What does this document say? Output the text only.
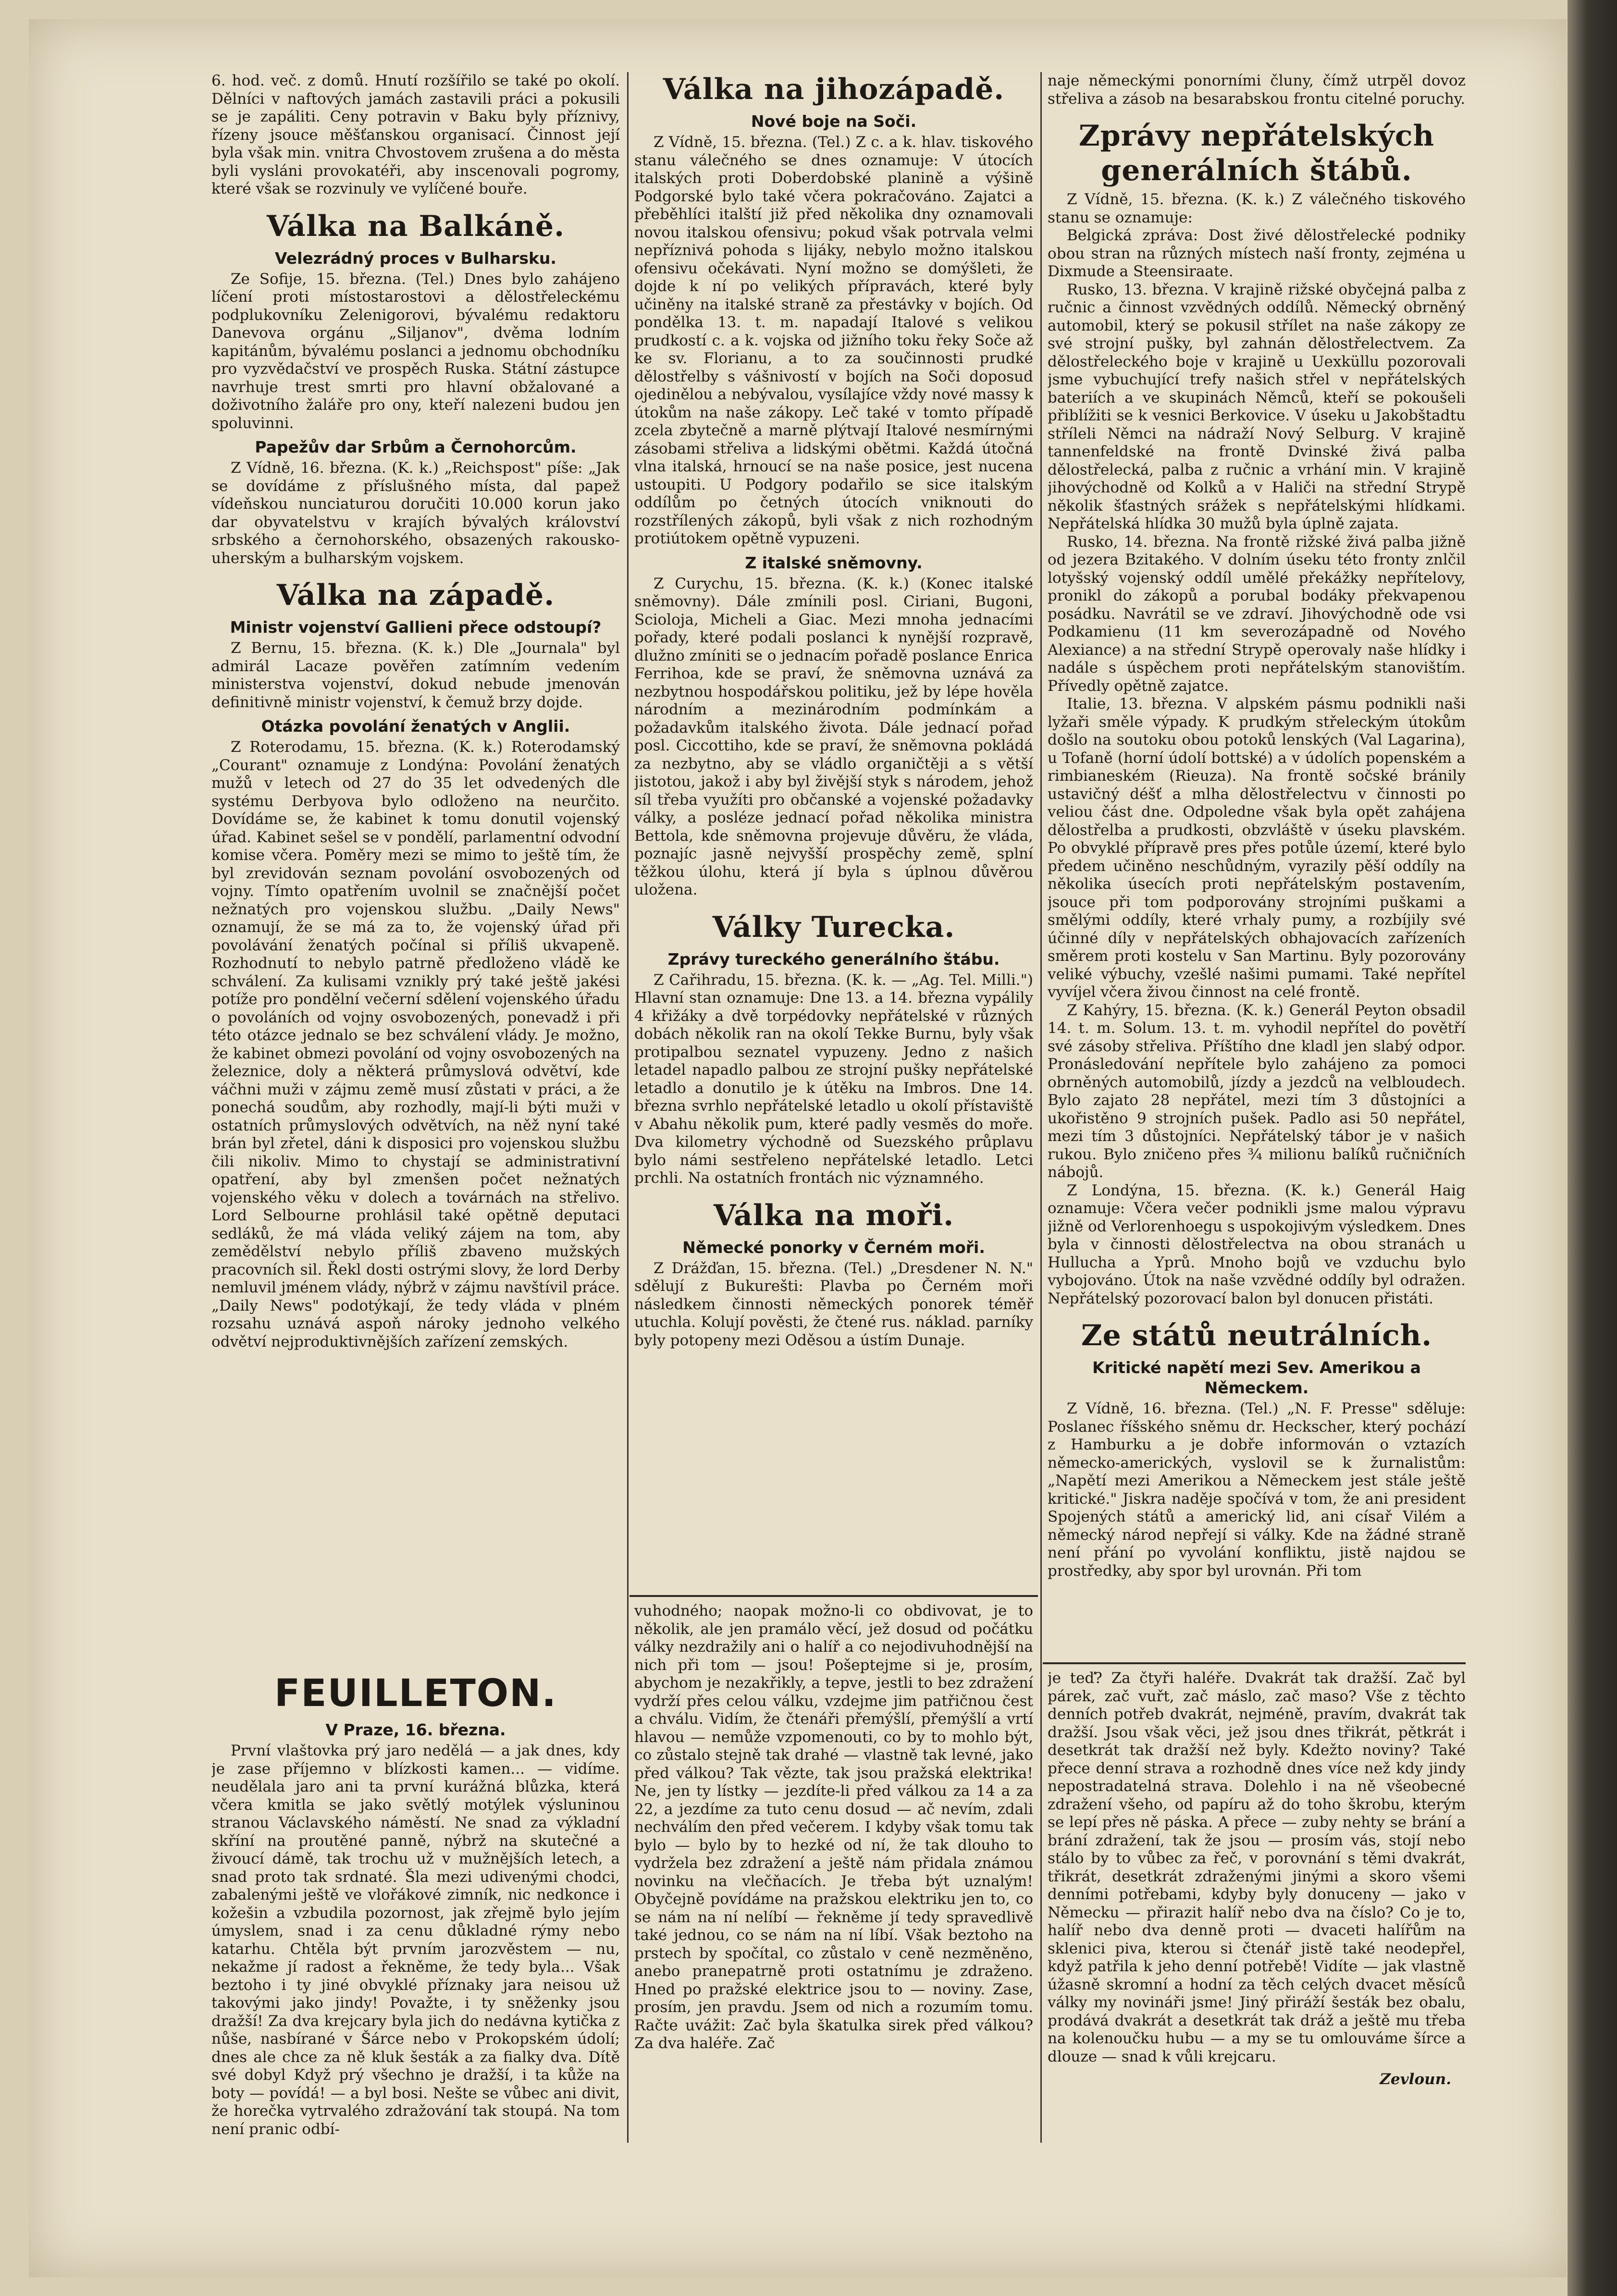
6. hod. več. z domů. Hnutí rozšířilo se také po okolí. Dělníci v naftových jamách zastavili práci a pokusili se je zapáliti. Ceny potravin v Baku byly příznivy, řízeny jsouce měšťanskou organisací. Činnost její byla však min. vnitra Chvostovem zrušena a do města byli vysláni provokatéři, aby inscenovali pogromy, které však se rozvinuly ve vylíčené bouře.

Válka na Balkáně.
Velezrádný proces v Bulharsku.

Ze Sofije, 15. března. (Tel.) Dnes bylo zahájeno líčení proti místostarostovi a dělostřeleckému podplukovníku Zelenigorovi, bývalému redaktoru Danevova orgánu „Siljanov", dvěma lodním kapitánům, bývalému poslanci a jednomu obchodníku pro vyzvědačství ve prospěch Ruska. Státní zástupce navrhuje trest smrti pro hlavní obžalované a doživotního žaláře pro ony, kteří nalezeni budou jen spoluvinni.

Papežův dar Srbům a Černohorcům.

Z Vídně, 16. března. (K. k.) „Reichspost" píše: „Jak se dovídáme z příslušného místa, dal papež vídeňskou nunciaturou doručiti 10.000 korun jako dar obyvatelstvu v krajích bývalých království srbského a černohorského, obsazených rakousko-uherským a bulharským vojskem.

Válka na západě.
Ministr vojenství Gallieni přece odstoupí?

Z Bernu, 15. března. (K. k.) Dle „Journala" byl admirál Lacaze pověřen zatímním vedením ministerstva vojenství, dokud nebude jmenován definitivně ministr vojenství, k čemuž brzy dojde.

Otázka povolání ženatých v Anglii.

Z Roterodamu, 15. března. (K. k.) Roterodamský „Courant" oznamuje z Londýna: Povolání ženatých mužů v letech od 27 do 35 let odvedených dle systému Derbyova bylo odloženo na neurčito. Dovídáme se, že kabinet k tomu donutil vojenský úřad. Kabinet sešel se v pondělí, parlamentní odvodní komise včera. Poměry mezi se mimo to ještě tím, že byl zrevidován seznam povolání osvobozených od vojny. Tímto opatřením uvolnil se značnější počet nežnatých pro vojenskou službu. „Daily News" oznamují, že se má za to, že vojenský úřad při povolávání ženatých počínal si příliš ukvapeně. Rozhodnutí to nebylo patrně předloženo vládě ke schválení. Za kulisami vznikly prý také ještě jakési potíže pro pondělní večerní sdělení vojenského úřadu o povoláních od vojny osvobozených, ponevadž i při této otázce jednalo se bez schválení vlády. Je možno, že kabinet obmezi povolání od vojny osvobozených na železnice, doly a některá průmyslová odvětví, kde váčhni muži v zájmu země musí zůstati v práci, a že ponechá soudům, aby rozhodly, mají-li býti muži v ostatních průmyslových odvětvích, na něž nyní také brán byl zřetel, dáni k disposici pro vojenskou službu čili nikoliv. Mimo to chystají se administrativní opatření, aby byl zmenšen počet nežnatých vojenského věku v dolech a továrnách na střelivo. Lord Selbourne prohlásil také opětně deputaci sedláků, že má vláda veliký zájem na tom, aby zemědělství nebylo příliš zbaveno mužských pracovních sil. Řekl dosti ostrými slovy, že lord Derby nemluvil jménem vlády, nýbrž v zájmu navštívil práce. „Daily News" podotýkají, že tedy vláda v plném rozsahu uznává aspoň nároky jednoho velkého odvětví nejproduktivnějších zařízení zemských.

Válka na jihozápadě.
Nové boje na Soči.

Z Vídně, 15. března. (Tel.) Z c. a k. hlav. tiskového stanu válečného se dnes oznamuje: V útocích italských proti Doberdobské planině a výšině Podgorské bylo také včera pokračováno. Zajatci a přeběhlíci italští již před několika dny oznamovali novou italskou ofensivu; pokud však potrvala velmi nepříznivá pohoda s lijáky, nebylo možno italskou ofensivu očekávati. Nyní možno se domýšleti, že dojde k ní po velikých přípravách, které byly učiněny na italské straně za přestávky v bojích. Od pondělka 13. t. m. napadají Italové s velikou prudkostí c. a k. vojska od jižního toku řeky Soče až ke sv. Florianu, a to za součinnosti prudké dělostřelby s vášnivostí v bojích na Soči doposud ojedinělou a nebývalou, vysílajíce vždy nové massy k útokům na naše zákopy. Leč také v tomto případě zcela zbytečně a marně plýtvají Italové nesmírnými zásobami střeliva a lidskými obětmi. Každá útočná vlna italská, hrnoucí se na naše posice, jest nucena ustoupiti. U Podgory podařilo se sice italským oddílům po četných útocích vniknouti do rozstřílených zákopů, byli však z nich rozhodným protiútokem opětně vypuzeni.

Z italské sněmovny.

Z Curychu, 15. března. (K. k.) (Konec italské sněmovny). Dále zmínili posl. Ciriani, Bugoni, Scioloja, Micheli a Giac. Mezi mnoha jednacími pořady, které podali poslanci k nynější rozpravě, dlužno zmíniti se o jednacím pořadě poslance Enrica Ferrihoa, kde se praví, že sněmovna uznává za nezbytnou hospodářskou politiku, jež by lépe hověla národním a mezinárodním podmínkám a požadavkům italského života. Dále jednací pořad posl. Ciccottiho, kde se praví, že sněmovna pokládá za nezbytno, aby se vládlo organičtěji a s větší jistotou, jakož i aby byl živější styk s národem, jehož síl třeba využíti pro občanské a vojenské požadavky války, a posléze jednací pořad několika ministra Bettola, kde sněmovna projevuje důvěru, že vláda, poznajíc jasně nejvyšší prospěchy země, splní těžkou úlohu, která jí byla s úplnou důvěrou uložena.

Války Turecka.
Zprávy tureckého generálního štábu.

Z Cařihradu, 15. března. (K. k. — „Ag. Tel. Milli.") Hlavní stan oznamuje: Dne 13. a 14. března vypálily 4 křižáky a dvě torpédovky nepřátelské v různých dobách několik ran na okolí Tekke Burnu, byly však protipalbou seznatel vypuzeny. Jedno z našich letadel napadlo palbou ze strojní pušky nepřátelské letadlo a donutilo je k útěku na Imbros. Dne 14. března svrhlo nepřátelské letadlo u okolí přístaviště v Abahu několik pum, které padly vesměs do moře. Dva kilometry východně od Suezského průplavu bylo námi sestřeleno nepřátelské letadlo. Letci prchli. Na ostatních frontách nic významného.

Válka na moři.
Německé ponorky v Černém moři.

Z Drážďan, 15. března. (Tel.) „Dresdener N. N." sdělují z Bukurešti: Plavba po Černém moři následkem činnosti německých ponorek téměř utuchla. Kolují pověsti, že čtené rus. náklad. parníky byly potopeny mezi Oděsou a ústím Dunaje.

naje německými ponorními čluny, čímž utrpěl dovoz střeliva a zásob na besarabskou frontu citelné poruchy.

Zprávy nepřátelských generálních štábů.

Z Vídně, 15. března. (K. k.) Z válečného tiskového stanu se oznamuje:

Belgická zpráva: Dost živé dělostřelecké podniky obou stran na různých místech naší fronty, zejména u Dixmude a Steensiraate.

Rusko, 13. března. V krajině rižské obyčejná palba z ručnic a činnost vzvědných oddílů. Německý obrněný automobil, který se pokusil střílet na naše zákopy ze své strojní pušky, byl zahnán dělostřelectvem. Za dělostřeleckého boje v krajině u Uexküllu pozorovali jsme vybuchující trefy našich střel v nepřátelských bateriích a ve skupinách Němců, kteří se pokoušeli přiblížiti se k vesnici Berkovice. V úseku u Jakobštadtu stříleli Němci na nádraží Nový Selburg. V krajině tannenfeldské na frontě Dvinské živá palba dělostřelecká, palba z ručnic a vrhání min. V krajině jihovýchodně od Kolků a v Haliči na střední Strypě několik šťastných srážek s nepřátelskými hlídkami. Nepřátelská hlídka 30 mužů byla úplně zajata.

Rusko, 14. března. Na frontě rižské živá palba jižně od jezera Bzitakého. V dolním úseku této fronty znlčil lotyšský vojenský oddíl umělé překážky nepřítelovy, pronikl do zákopů a porubal bodáky překvapenou posádku. Navrátil se ve zdraví. Jihovýchodně ode vsi Podkamienu (11 km severozápadně od Nového Alexiance) a na střední Strypě operovaly naše hlídky i nadále s úspěchem proti nepřátelským stanovištím. Přívedly opětně zajatce.

Italie, 13. března. V alpském pásmu podnikli naši lyžaři směle výpady. K prudkým střeleckým útokům došlo na soutoku obou potoků lenských (Val Lagarina), u Tofaně (horní údolí bottské) a v údolích popenském a rimbianeském (Rieuza). Na frontě sočské bránily ustavičný déšť a mlha dělostřelectvu v činnosti po veliou část dne. Odpoledne však byla opět zahájena dělostřelba a prudkosti, obzvláště v úseku plavském. Po obvyklé přípravě pres přes potůle území, které bylo předem učiněno neschůdným, vyrazily pěší oddíly na několika úsecích proti nepřátelským postavením, jsouce při tom podporovány strojními puškami a smělými oddíly, které vrhaly pumy, a rozbíjily své účinné díly v nepřátelských obhajovacích zařízeních směrem proti kostelu v San Martinu. Byly pozorovány veliké výbuchy, vzešlé našimi pumami. Také nepřítel vyvíjel včera živou činnost na celé frontě.

Z Kahýry, 15. března. (K. k.) Generál Peyton obsadil 14. t. m. Solum. 13. t. m. vyhodil nepřítel do povětří své zásoby střeliva. Příštího dne kladl jen slabý odpor. Pronásledování nepřítele bylo zahájeno za pomoci obrněných automobilů, jízdy a jezdců na velbloudech. Bylo zajato 28 nepřátel, mezi tím 3 důstojníci a ukořistěno 9 strojních pušek. Padlo asi 50 nepřátel, mezi tím 3 důstojníci. Nepřátelský tábor je v našich rukou. Bylo zničeno přes ¾ milionu balíků ručničních nábojů.

Z Londýna, 15. března. (K. k.) Generál Haig oznamuje: Včera večer podnikli jsme malou výpravu jižně od Verlorenhoegu s uspokojivým výsledkem. Dnes byla v činnosti dělostřelectva na obou stranách u Hullucha a Yprů. Mnoho bojů ve vzduchu bylo vybojováno. Útok na naše vzvědné oddíly byl odražen. Nepřátelský pozorovací balon byl donucen přistáti.

Ze států neutrálních.
Kritické napětí mezi Sev. Amerikou a Německem.

Z Vídně, 16. března. (Tel.) „N. F. Presse" sděluje: Poslanec říšského sněmu dr. Heckscher, který pochází z Hamburku a je dobře informován o vztazích německo-amerických, vyslovil se k žurnalistům: „Napětí mezi Amerikou a Německem jest stále ještě kritické." Jiskra naděje spočívá v tom, že ani president Spojených států a americký lid, ani císař Vilém a německý národ nepřejí si války. Kde na žádné straně není přání po vyvolání konfliktu, jistě najdou se prostředky, aby spor byl urovnán. Při tom

FEUILLETON.
V Praze, 16. března.

První vlaštovka prý jaro nedělá — a jak dnes, kdy je zase příjemno v blízkosti kamen... — vidíme. neudělala jaro ani ta první kurážná blůzka, která včera kmitla se jako světlý motýlek výsluninou stranou Václavského náměstí. Ne snad za výkladní skříní na proutěné panně, nýbrž na skutečné a živoucí dámě, tak trochu už v mužnějších letech, a snad proto tak srdnaté. Šla mezi udivenými chodci, zabalenými ještě ve vlořákové zimník, nic nedkonce i kožešin a vzbudila pozornost, jak zřejmě bylo jejím úmyslem, snad i za cenu důkladné rýmy nebo katarhu. Chtěla být prvním jarozvěstem — nu, nekažme jí radost a řekněme, že tedy byla... Však beztoho i ty jiné obvyklé příznaky jara neisou už takovými jako jindy! Považte, i ty sněženky jsou dražší! Za dva krejcary byla jich do nedávna kytička z nůše, nasbírané v Šárce nebo v Prokopském údolí; dnes ale chce za ně kluk šesták a za fialky dva. Dítě své dobyl Když prý všechno je dražší, i ta kůže na boty — povídá! — a byl bosi. Nešte se vůbec ani divit, že horečka vytrvalého zdražování tak stoupá. Na tom není pranic odbí-

vuhodného; naopak možno-li co obdivovat, je to několik, ale jen pramálo věcí, jež dosud od počátku války nezdražily ani o halíř a co nejodivuhodnější na nich při tom — jsou! Pošeptejme si je, prosím, abychom je nezakřikly, a tepve, jestli to bez zdražení vydrží přes celou válku, vzdejme jim patřičnou čest a chválu. Vidím, že čtenáři přemýšlí, přemýšlí a vrtí hlavou — nemůže vzpomenouti, co by to mohlo být, co zůstalo stejně tak drahé — vlastně tak levné, jako před válkou? Tak vězte, tak jsou pražská elektrika! Ne, jen ty lístky — jezdíte-li před válkou za 14 a za 22, a jezdíme za tuto cenu dosud — ač nevím, zdali nechválím den před večerem. I kdyby však tomu tak bylo — bylo by to hezké od ní, že tak dlouho to vydržela bez zdražení a ještě nám přidala známou novinku na vlečňacích. Je třeba být uznalým! Obyčejně povídáme na pražskou elektriku jen to, co se nám na ní nelíbí — řekněme jí tedy spravedlivě také jednou, co se nám na ní líbí. Však beztoho na prstech by spočítal, co zůstalo v ceně nezměněno, anebo pranepatrně proti ostatnímu je zdraženo. Hned po pražské elektrice jsou to — noviny. Zase, prosím, jen pravdu. Jsem od nich a rozumím tomu. Račte uvážit: Zač byla škatulka sirek před válkou? Za dva haléře. Zač

je teď? Za čtyři haléře. Dvakrát tak dražší. Zač byl párek, zač vuřt, zač máslo, zač maso? Vše z těchto denních potřeb dvakrát, nejméně, pravím, dvakrát tak dražší. Jsou však věci, jež jsou dnes třikrát, pětkrát i desetkrát tak dražší než byly. Kdežto noviny? Také přece denní strava a rozhodně dnes více než kdy jindy nepostradatelná strava. Dolehlo i na ně všeobecné zdražení všeho, od papíru až do toho škrobu, kterým se lepí přes ně páska. A přece — zuby nehty se brání a brání zdražení, tak že jsou — prosím vás, stojí nebo stálo by to vůbec za řeč, v porovnání s těmi dvakrát, třikrát, desetkrát zdraženými jinými a skoro všemi denními potřebami, kdyby byly donuceny — jako v Německu — přirazit halíř nebo dva na číslo? Co je to, halíř nebo dva denně proti — dvaceti halířům na sklenici piva, kterou si čtenář jistě také neodepřel, když patřila k jeho denní potřebě! Vidíte — jak vlastně úžasně skromní a hodní za těch celých dvacet měsíců války my novináři jsme! Jiný přiráží šesták bez obalu, prodává dvakrát a desetkrát tak dráž a ještě mu třeba na kolenoučku hubu — a my se tu omlouváme šírce a dlouze — snad k vůli krejcaru.

Zevloun.
